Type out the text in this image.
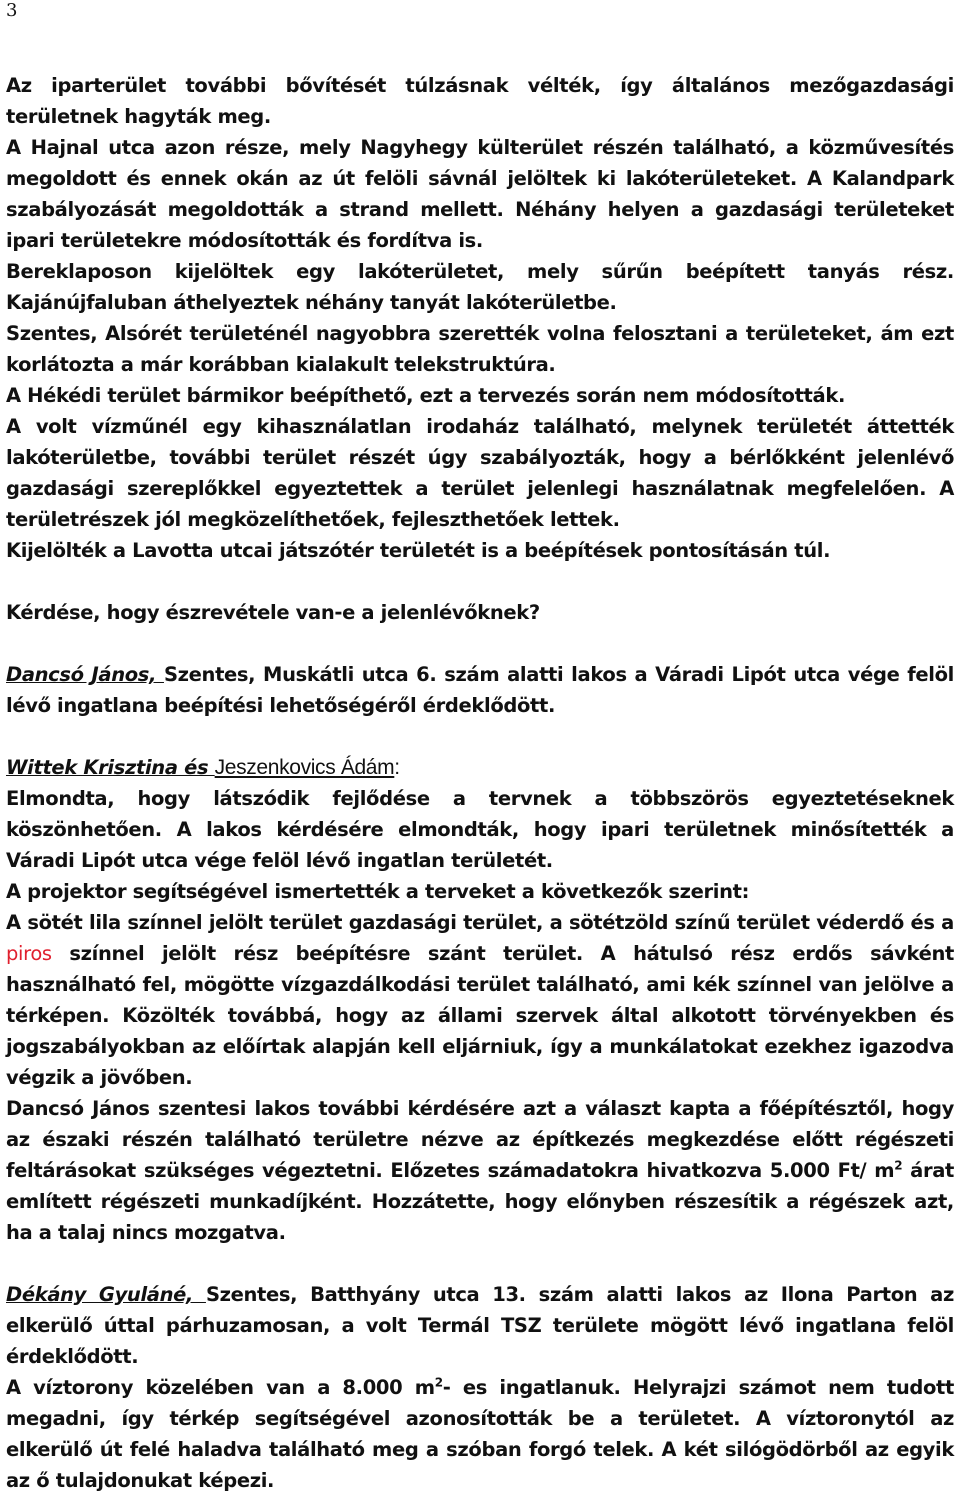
3

Az iparterület további bővítését túlzásnak vélték, így általános mezőgazdasági területnek hagyták meg.

A Hajnal utca azon része, mely Nagyhegy külterület részén található, a közművesítés megoldott és ennek okán az út felöli sávnál jelöltek ki lakóterületeket. A Kalandpark szabályozását megoldották a strand mellett. Néhány helyen a gazdasági területeket ipari területekre módosították és fordítva is.

Bereklaposon kijelöltek egy lakóterületet, mely sűrűn beépített tanyás rész. Kajánújfaluban áthelyeztek néhány tanyát lakóterületbe.

Szentes, Alsórét területénél nagyobbra szerették volna felosztani a területeket, ám ezt korlátozta a már korábban kialakult telekstruktúra.

A Hékédi terület bármikor beépíthető, ezt a tervezés során nem módosították.

A volt vízműnél egy kihasználatlan irodaház található, melynek területét áttették lakóterületbe, további terület részét úgy szabályozták, hogy a bérlőkként jelenlévő gazdasági szereplőkkel egyeztettek a terület jelenlegi használatnak megfelelően. A területrészek jól megközelíthetőek, fejleszthetőek lettek.

Kijelölték a Lavotta utcai játszótér területét is a beépítések pontosításán túl.

Kérdése, hogy észrevétele van-e a jelenlévőknek?

Dancsó János, Szentes, Muskátli utca 6. szám alatti lakos a Váradi Lipót utca vége felöl lévő ingatlana beépítési lehetőségéről érdeklődött.

Wittek Krisztina és Jeszenkovics Ádám:

Elmondta, hogy látszódik fejlődése a tervnek a többszörös egyeztetéseknek köszönhetően. A lakos kérdésére elmondták, hogy ipari területnek minősítették a Váradi Lipót utca vége felöl lévő ingatlan területét.

A projektor segítségével ismertették a terveket a következők szerint:

A sötét lila színnel jelölt terület gazdasági terület, a sötétzöld színű terület véderdő és a piros színnel jelölt rész beépítésre szánt terület. A hátulsó rész erdős sávként használható fel, mögötte vízgazdálkodási terület található, ami kék színnel van jelölve a térképen. Közölték továbbá, hogy az állami szervek által alkotott törvényekben és jogszabályokban az előírtak alapján kell eljárniuk, így a munkálatokat ezekhez igazodva végzik a jövőben.

Dancsó János szentesi lakos további kérdésére azt a választ kapta a főépítésztől, hogy az északi részén található területre nézve az építkezés megkezdése előtt régészeti feltárásokat szükséges végeztetni. Előzetes számadatokra hivatkozva 5.000 Ft/ $m^2$ árat említett régészeti munkadíjként. Hozzátette, hogy előnyben részesítik a régészek azt, ha a talaj nincs mozgatva.

Dékány Gyuláné, Szentes, Batthyány utca 13. szám alatti lakos az Ilona Parton az elkerülő úttal párhuzamosan, a volt Termál TSZ területe mögött lévő ingatlana felöl érdeklődött.

A víztorony közelében van a 8.000 $m^2-$ es ingatlanuk. Helyrajzi számot nem tudott megadni, így térkép segítségével azonosították be a területet. A víztoronytól az elkerülő út felé haladva található meg a szóban forgó telek. A két silógödörből az egyik az ő tulajdonukat képezi.
